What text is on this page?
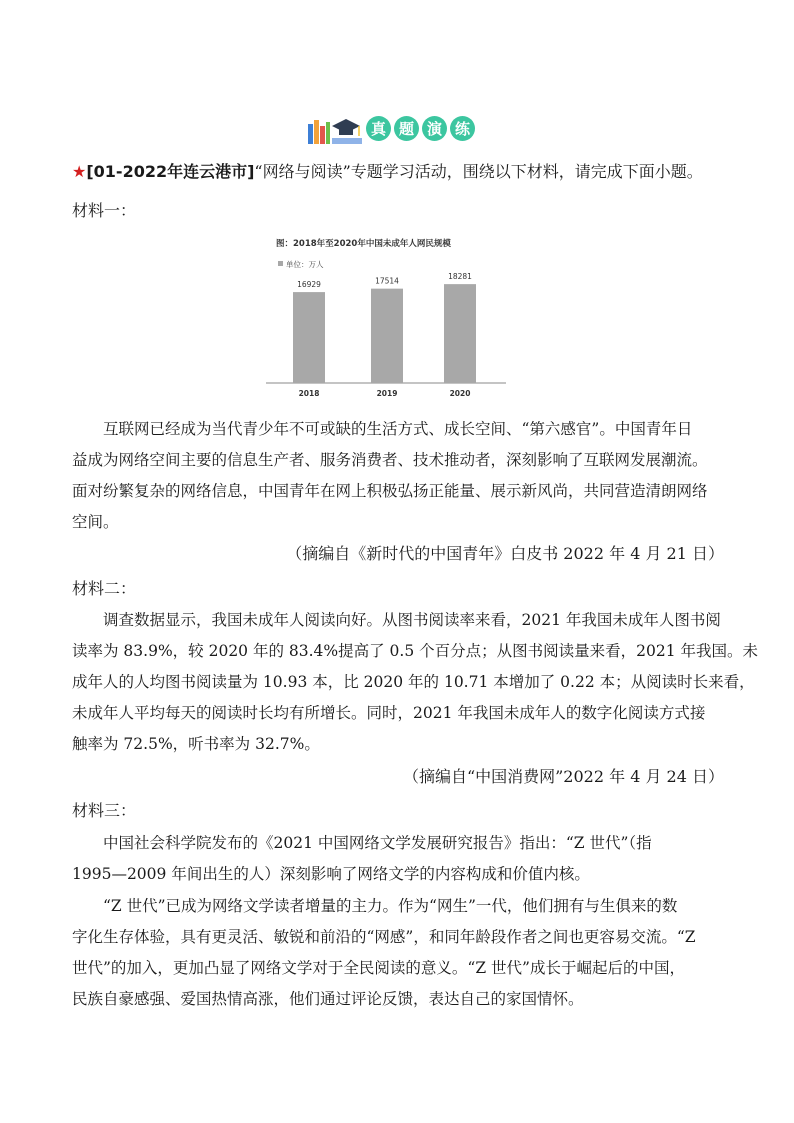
真 题 演 练
★[01-2022年连云港市]“网络与阅读”专题学习活动，围绕以下材料，请完成下面小题。
材料一：
图：2018年至2020年中国未成年人网民规模
单位：万人
16929
2018
17514
2019
18281
2020
互联网已经成为当代青少年不可或缺的生活方式、成长空间、“第六感官”。中国青年日
益成为网络空间主要的信息生产者、服务消费者、技术推动者，深刻影响了互联网发展潮流。
面对纷繁复杂的网络信息，中国青年在网上积极弘扬正能量、展示新风尚，共同营造清朗网络
空间。
（摘编自《新时代的中国青年》白皮书 2022 年 4 月 21 日）
材料二：
调查数据显示，我国未成年人阅读向好。从图书阅读率来看，2021 年我国未成年人图书阅
读率为 83.9%，较 2020 年的 83.4%提高了 0.5 个百分点；从图书阅读量来看，2021 年我国。未
成年人的人均图书阅读量为 10.93 本，比 2020 年的 10.71 本增加了 0.22 本；从阅读时长来看，
未成年人平均每天的阅读时长均有所增长。同时，2021 年我国未成年人的数字化阅读方式接
触率为 72.5%，听书率为 32.7%。
（摘编自“中国消费网”2022 年 4 月 24 日）
材料三：
中国社会科学院发布的《2021 中国网络文学发展研究报告》指出：“Z 世代”（指
1995—2009 年间出生的人）深刻影响了网络文学的内容构成和价值内核。
“Z 世代”已成为网络文学读者增量的主力。作为“网生”一代，他们拥有与生俱来的数
字化生存体验，具有更灵活、敏锐和前沿的“网感”，和同年龄段作者之间也更容易交流。“Z
世代”的加入，更加凸显了网络文学对于全民阅读的意义。“Z 世代”成长于崛起后的中国，
民族自豪感强、爱国热情高涨，他们通过评论反馈，表达自己的家国情怀。
